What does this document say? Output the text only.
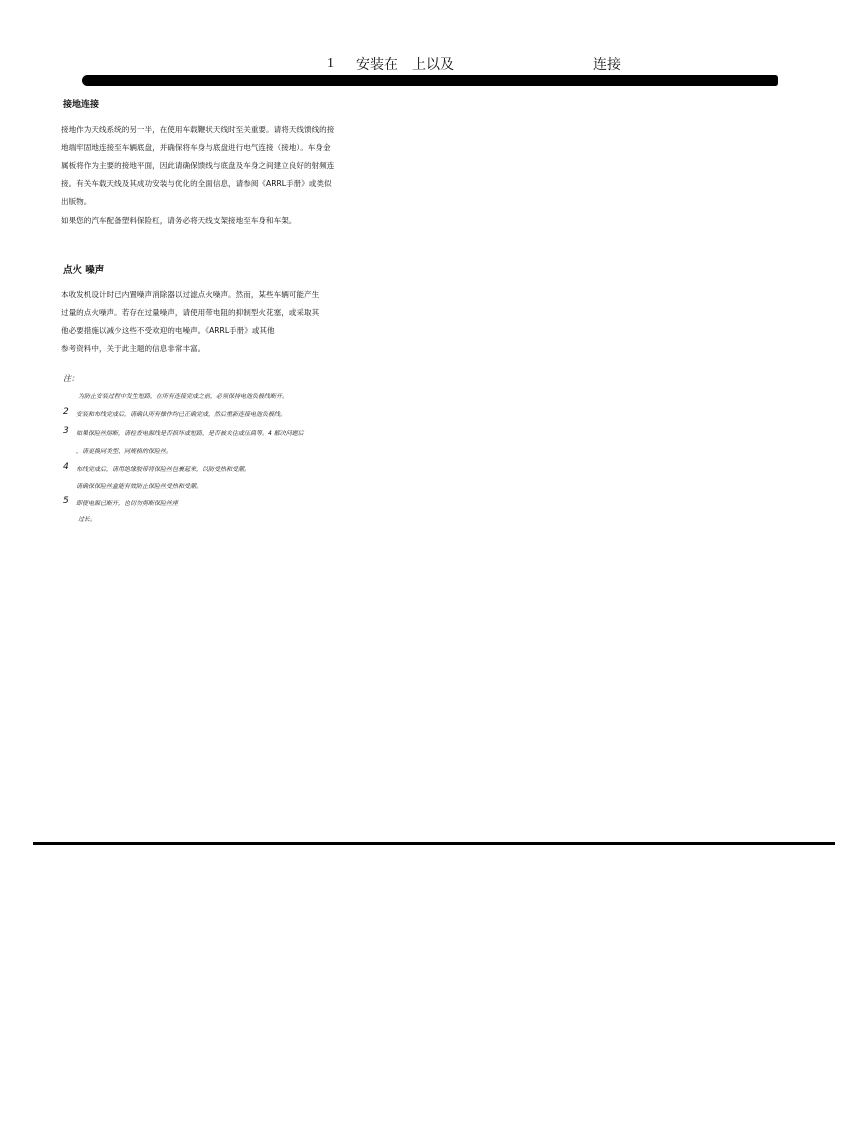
1 安装在　上以及	连接
接地连接
接地作为天线系统的另一半，在使用车载鞭状天线时至关重要。请将天线馈线的接
地端牢固地连接至车辆底盘，并确保将车身与底盘进行电气连接（接地）。车身金
属板将作为主要的接地平面，因此请确保馈线与底盘及车身之间建立良好的射频连
接。有关车载天线及其成功安装与优化的全面信息，请参阅《ARRL手册》或类似
出版物。
如果您的汽车配备塑料保险杠，请务必将天线支架接地至车身和车架。
点火 噪声
本收发机设计时已内置噪声消除器以过滤点火噪声。然而，某些车辆可能产生
过量的点火噪声。若存在过量噪声，请使用带电阻的抑制型火花塞，或采取其
他必要措施以减少这些不受欢迎的电噪声。《ARRL手册》或其他
参考资料中，关于此主题的信息非常丰富。
注：
为防止安装过程中发生短路，在所有连接完成之前，必须保持电池负极线断开。
2 安装和布线完成后，请确认所有操作均已正确完成，然后重新连接电池负极线。
3 如果保险丝熔断，请检查电源线是否损坏或短路，是否被夹住或压扁等。4 解决问题后
，请更换同类型、同规格的保险丝。
4 布线完成后，请用绝缘胶带将保险丝包裹起来，以防受热和受潮。
请确保保险丝盒能有效防止保险丝受热和受潮。
5 即使电源已断开，也切勿剪断保险丝座
过长。
